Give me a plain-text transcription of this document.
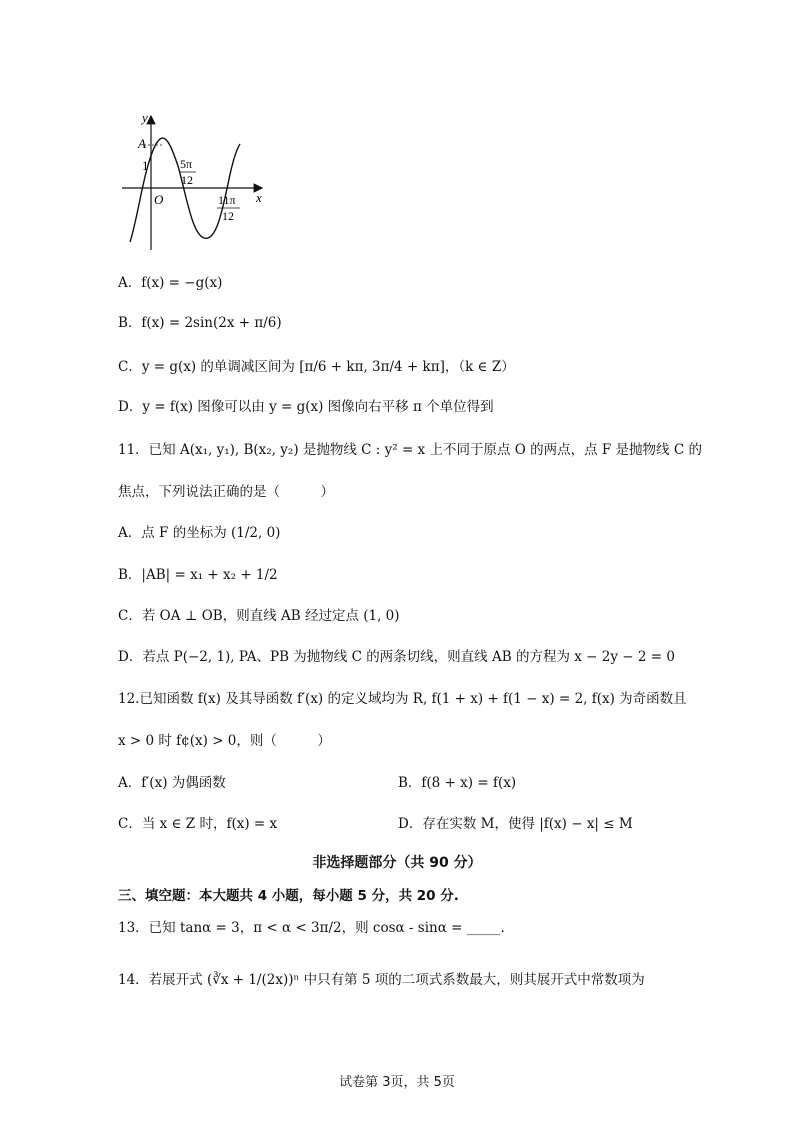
y
x
A
1
O
5π
12
11π
12
A．f(x) = −g(x)
B．f(x) = 2sin(2x + π/6)
C．y = g(x) 的单调减区间为 [π/6 + kπ, 3π/4 + kπ]，（k ∈ Z）
D．y = f(x) 图像可以由 y = g(x) 图像向右平移 π 个单位得到
11．已知 A(x₁, y₁), B(x₂, y₂) 是抛物线 C : y² = x 上不同于原点 O 的两点，点 F 是抛物线 C 的
焦点，下列说法正确的是（　　　）
A．点 F 的坐标为 (1/2, 0)
B．|AB| = x₁ + x₂ + 1/2
C．若 OA ⊥ OB，则直线 AB 经过定点 (1, 0)
D．若点 P(−2, 1), PA、PB 为抛物线 C 的两条切线，则直线 AB 的方程为 x − 2y − 2 = 0
12.已知函数 f(x) 及其导函数 f′(x) 的定义域均为 R, f(1 + x) + f(1 − x) = 2, f(x) 为奇函数且
x > 0 时 f¢(x) > 0，则（　　　）
A．f′(x) 为偶函数	B．f(8 + x) = f(x)
C．当 x ∈ Z 时，f(x) = x	D．存在实数 M，使得 |f(x) − x| ≤ M
非选择题部分（共 90 分）
三、填空题：本大题共 4 小题，每小题 5 分，共 20 分.
13．已知 tanα = 3，π < α < 3π/2，则 cosα - sinα = _____.
14．若展开式 (∛x + 1/(2x))ⁿ 中只有第 5 项的二项式系数最大，则其展开式中常数项为
试卷第 3页，共 5页
